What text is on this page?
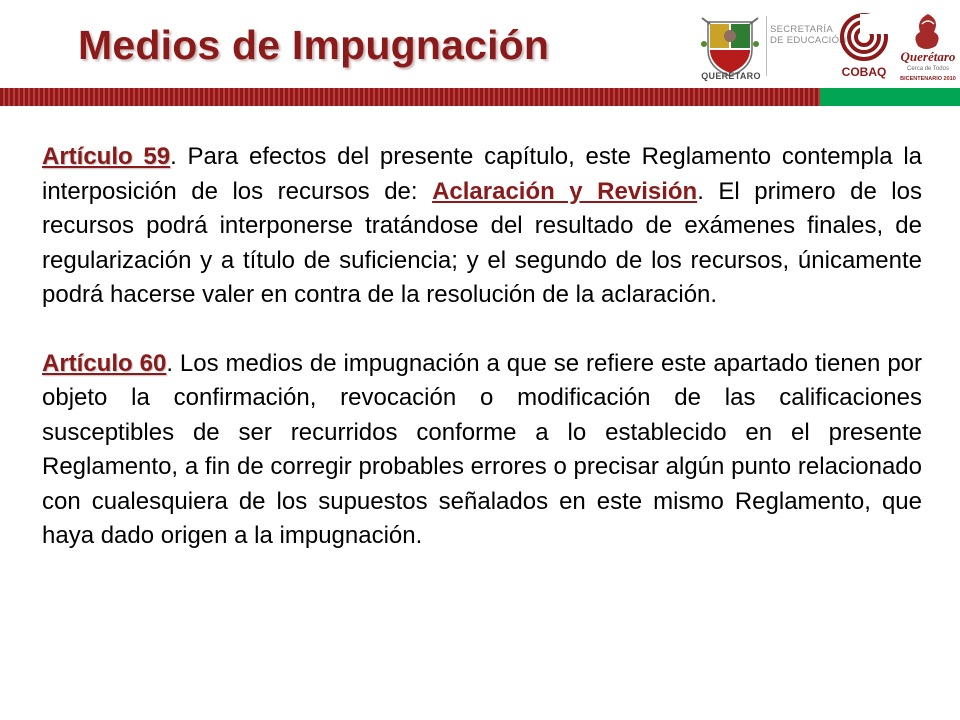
Medios de Impugnación
QUERÉTARO
SECRETARÍA
DE EDUCACIÓN
COBAQ
Querétaro
Cerca de Todos
BICENTENARIO 2010

Artículo 59. Para efectos del presente capítulo, este Reglamento contempla la interposición de los recursos de: Aclaración y Revisión. El primero de los recursos podrá interponerse tratándose del resultado de exámenes finales, de regularización y a título de suficiencia; y el segundo de los recursos, únicamente podrá hacerse valer en contra de la resolución de la aclaración.

Artículo 60. Los medios de impugnación a que se refiere este apartado tienen por objeto la confirmación, revocación o modificación de las calificaciones susceptibles de ser recurridos conforme a lo establecido en el presente Reglamento, a fin de corregir probables errores o precisar algún punto relacionado con cualesquiera de los supuestos señalados en este mismo Reglamento, que haya dado origen a la impugnación.
